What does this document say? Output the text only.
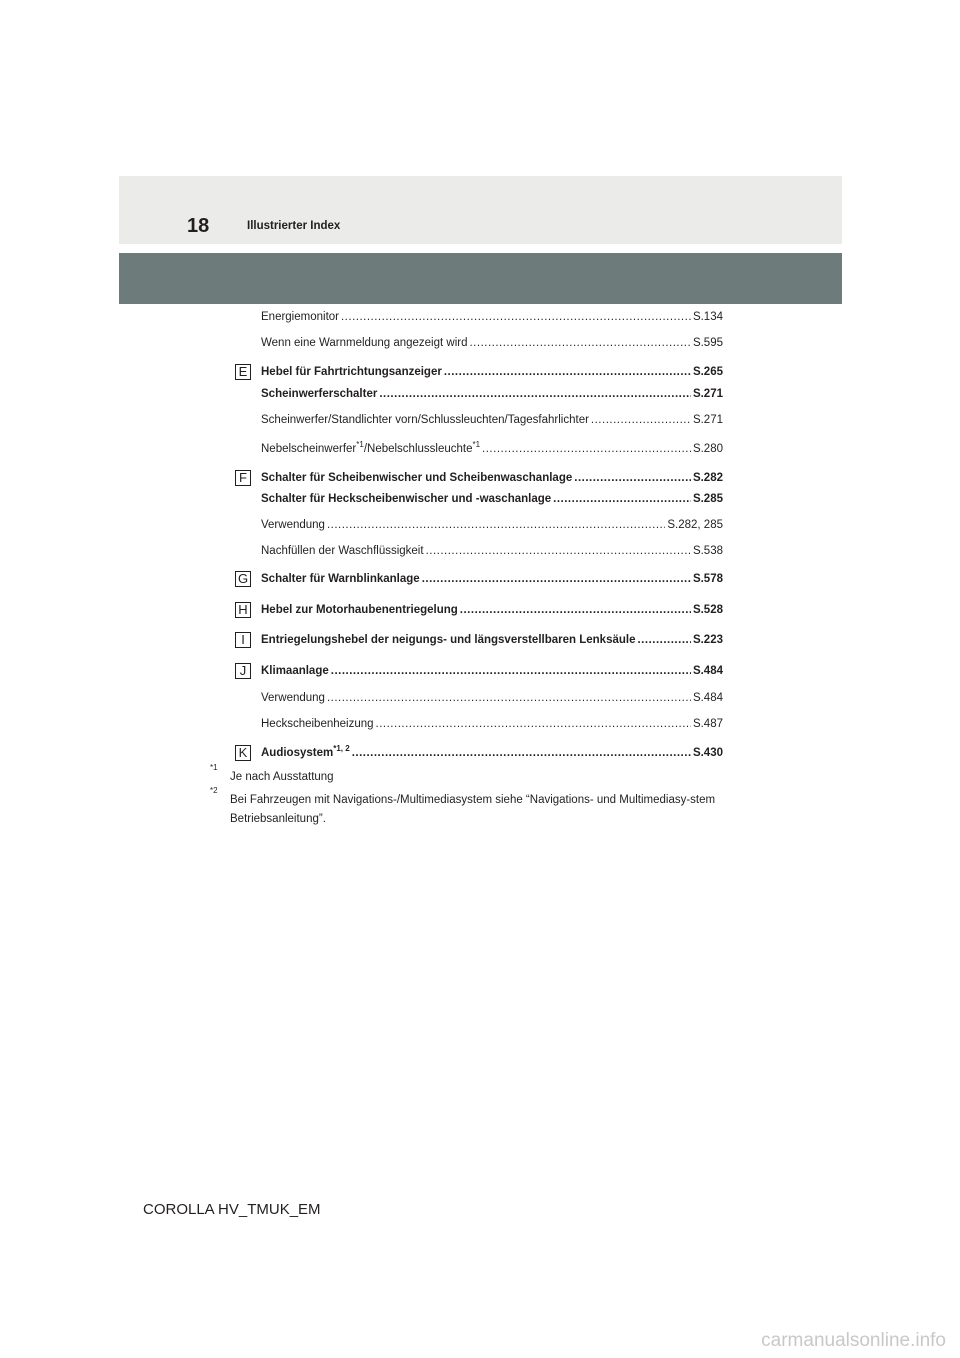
18	Illustrierter Index
Energiemonitor .....	S.134
Wenn eine Warnmeldung angezeigt wird .....	S.595
E	Hebel für Fahrtrichtungsanzeiger .....	S.265
Scheinwerferschalter .....	S.271
Scheinwerfer/Standlichter vorn/Schlussleuchten/Tagesfahrlichter .....	S.271
Nebelscheinwerfer$^{*1}$/Nebelschlussleuchte$^{*1}$ .....	S.280
F	Schalter für Scheibenwischer und Scheibenwaschanlage .....	S.282
Schalter für Heckscheibenwischer und -waschanlage .....	S.285
Verwendung .....	S.282, 285
Nachfüllen der Waschflüssigkeit .....	S.538
G Schalter für Warnblinkanlage .....	S.578
H Hebel zur Motorhaubenentriegelung .....	S.528
I	Entriegelungshebel der neigungs- und längsverstellbaren Lenksäule .....	S.223
J	Klimaanlage .....	S.484
Verwendung .....	S.484
Heckscheibenheizung .....	S.487
K	Audiosystem$^{*1, 2}$ .....	S.430
*1
Je nach Ausstattung
*2
Bei Fahrzeugen mit Navigations-/Multimediasystem siehe “Navigations- und Multimediasy-stem Betriebsanleitung”.
COROLLA HV_TMUK_EM
carmanualsonline.info
